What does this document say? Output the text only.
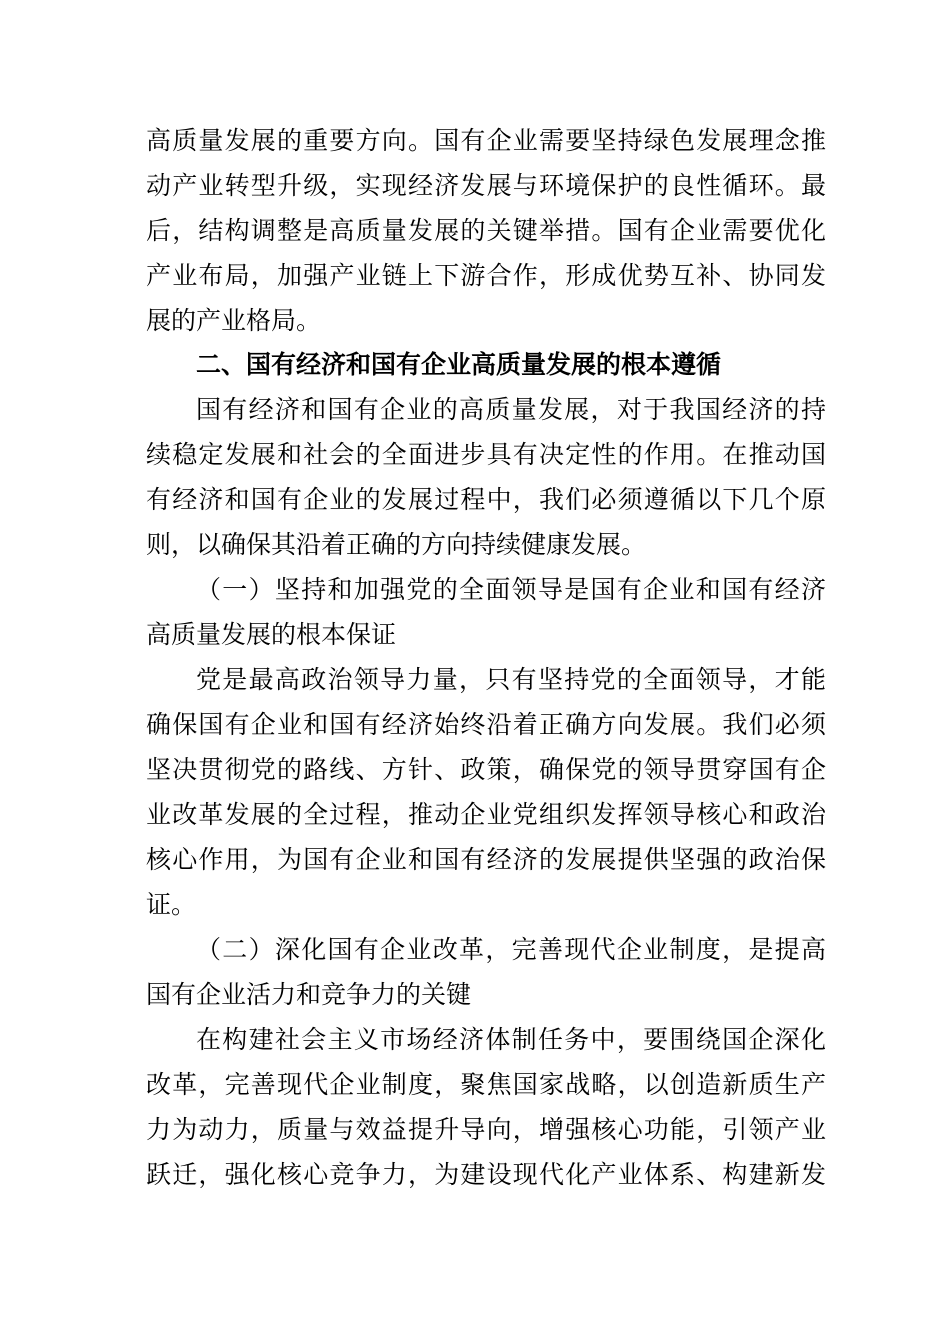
高质量发展的重要方向。国有企业需要坚持绿色发展理念推

动产业转型升级，实现经济发展与环境保护的良性循环。最

后，结构调整是高质量发展的关键举措。国有企业需要优化

产业布局，加强产业链上下游合作，形成优势互补、协同发

展的产业格局。

二、国有经济和国有企业高质量发展的根本遵循

国有经济和国有企业的高质量发展，对于我国经济的持

续稳定发展和社会的全面进步具有决定性的作用。在推动国

有经济和国有企业的发展过程中，我们必须遵循以下几个原

则，以确保其沿着正确的方向持续健康发展。

（一）坚持和加强党的全面领导是国有企业和国有经济

高质量发展的根本保证

党是最高政治领导力量，只有坚持党的全面领导，才能

确保国有企业和国有经济始终沿着正确方向发展。我们必须

坚决贯彻党的路线、方针、政策，确保党的领导贯穿国有企

业改革发展的全过程，推动企业党组织发挥领导核心和政治

核心作用，为国有企业和国有经济的发展提供坚强的政治保

证。

（二）深化国有企业改革，完善现代企业制度，是提高

国有企业活力和竞争力的关键

在构建社会主义市场经济体制任务中，要围绕国企深化

改革，完善现代企业制度，聚焦国家战略，以创造新质生产

力为动力，质量与效益提升导向，增强核心功能，引领产业

跃迁，强化核心竞争力，为建设现代化产业体系、构建新发
